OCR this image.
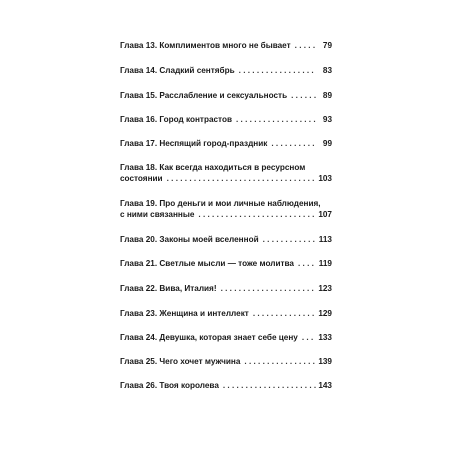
Глава 13. Комплиментов много не бывает . . .	79
Глава 14. Сладкий сентябрь . . .	83
Глава 15. Расслабление и сексуальность . . .	89
Глава 16. Город контрастов . . .	93
Глава 17. Неспящий город-праздник . . .	99
Глава 18. Как всегда находиться в ресурсном
состоянии . . .	103
Глава 19. Про деньги и мои личные наблюдения,
с ними связанные . . .	107
Глава 20. Законы моей вселенной . . .	113
Глава 21. Светлые мысли — тоже молитва . . .	119
Глава 22. Вива, Италия! . . .	123
Глава 23. Женщина и интеллект . . .	129
Глава 24. Девушка, которая знает себе цену . . . 133
Глава 25. Чего хочет мужчина . . .	139
Глава 26. Твоя королева . . .	143
